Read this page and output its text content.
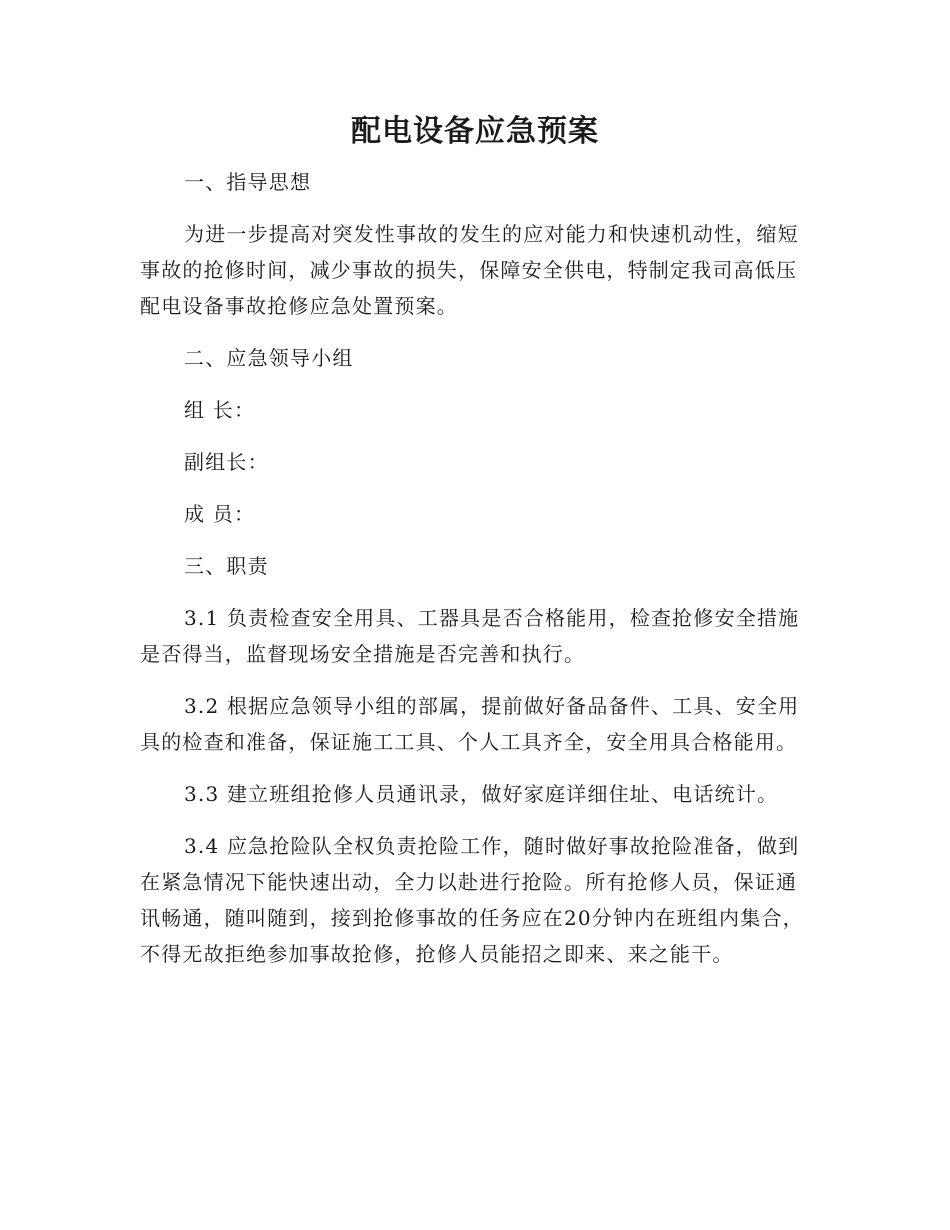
配电设备应急预案

一、指导思想

为进一步提高对突发性事故的发生的应对能力和快速机动性，缩短事故的抢修时间，减少事故的损失，保障安全供电，特制定我司高低压配电设备事故抢修应急处置预案。

二、应急领导小组

组 长：

副组长：

成 员：

三、职责

3.1 负责检查安全用具、工器具是否合格能用，检查抢修安全措施是否得当，监督现场安全措施是否完善和执行。

3.2 根据应急领导小组的部属，提前做好备品备件、工具、安全用具的检查和准备，保证施工工具、个人工具齐全，安全用具合格能用。

3.3 建立班组抢修人员通讯录，做好家庭详细住址、电话统计。

3.4 应急抢险队全权负责抢险工作，随时做好事故抢险准备，做到在紧急情况下能快速出动，全力以赴进行抢险。所有抢修人员，保证通讯畅通，随叫随到，接到抢修事故的任务应在20分钟内在班组内集合，不得无故拒绝参加事故抢修，抢修人员能招之即来、来之能干。
